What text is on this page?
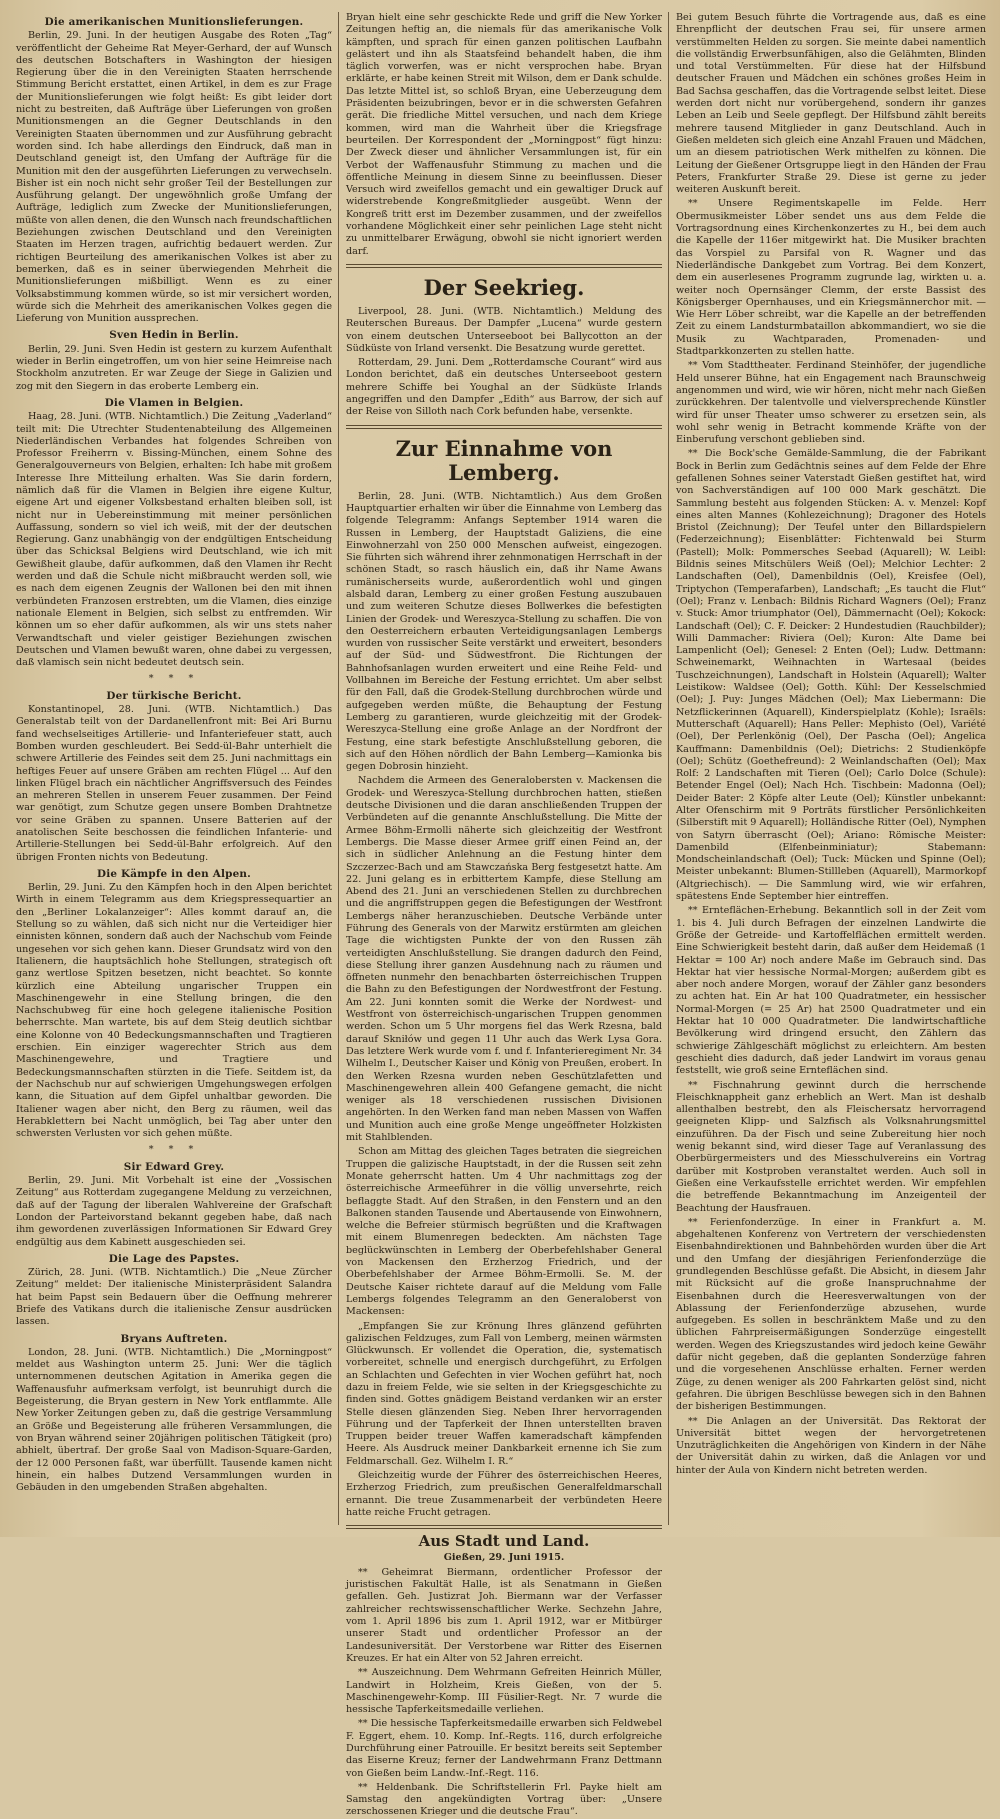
Die amerikanischen Munitionslieferungen.

Berlin, 29. Juni. In der heutigen Ausgabe des Roten „Tag“ veröffentlicht der Geheime Rat Meyer-Gerhard, der auf Wunsch des deutschen Botschafters in Washington der hiesigen Regierung über die in den Vereinigten Staaten herrschende Stimmung Bericht erstattet, einen Artikel, in dem es zur Frage der Munitionslieferungen wie folgt heißt: Es gibt leider dort nicht zu bestreiten, daß Aufträge über Lieferungen von großen Munitionsmengen an die Gegner Deutschlands in den Vereinigten Staaten übernommen und zur Ausführung gebracht worden sind. Ich habe allerdings den Eindruck, daß man in Deutschland geneigt ist, den Umfang der Aufträge für die Munition mit den der ausgeführten Lieferungen zu verwechseln. Bisher ist ein noch nicht sehr großer Teil der Bestellungen zur Ausführung gelangt. Der ungewöhnlich große Umfang der Aufträge, lediglich zum Zwecke der Munitionslieferungen, müßte von allen denen, die den Wunsch nach freundschaftlichen Beziehungen zwischen Deutschland und den Vereinigten Staaten im Herzen tragen, aufrichtig bedauert werden. Zur richtigen Beurteilung des amerikanischen Volkes ist aber zu bemerken, daß es in seiner überwiegenden Mehrheit die Munitionslieferungen mißbilligt. Wenn es zu einer Volksabstimmung kommen würde, so ist mir versichert worden, würde sich die Mehrheit des amerikanischen Volkes gegen die Lieferung von Munition aussprechen.

Sven Hedin in Berlin.

Berlin, 29. Juni. Sven Hedin ist gestern zu kurzem Aufenthalt wieder in Berlin eingetroffen, um von hier seine Heimreise nach Stockholm anzutreten. Er war Zeuge der Siege in Galizien und zog mit den Siegern in das eroberte Lemberg ein.

Die Vlamen in Belgien.

Haag, 28. Juni. (WTB. Nichtamtlich.) Die Zeitung „Vaderland“ teilt mit: Die Utrechter Studentenabteilung des Allgemeinen Niederländischen Verbandes hat folgendes Schreiben von Professor Freiherrn v. Bissing-München, einem Sohne des Generalgouverneurs von Belgien, erhalten: Ich habe mit großem Interesse Ihre Mitteilung erhalten. Was Sie darin fordern, nämlich daß für die Vlamen in Belgien ihre eigene Kultur, eigene Art und eigener Volksbestand erhalten bleiben soll, ist nicht nur in Uebereinstimmung mit meiner persönlichen Auffassung, sondern so viel ich weiß, mit der der deutschen Regierung. Ganz unabhängig von der endgültigen Entscheidung über das Schicksal Belgiens wird Deutschland, wie ich mit Gewißheit glaube, dafür aufkommen, daß den Vlamen ihr Recht werden und daß die Schule nicht mißbraucht werden soll, wie es nach dem eigenen Zeugnis der Wallonen bei den mit ihnen verbündeten Franzosen erstrebten, um die Vlamen, dies einzige nationale Element in Belgien, sich selbst zu entfremden. Wir können um so eher dafür aufkommen, als wir uns stets naher Verwandtschaft und vieler geistiger Beziehungen zwischen Deutschen und Vlamen bewußt waren, ohne dabei zu vergessen, daß vlamisch sein nicht bedeutet deutsch sein.

* * *
Der türkische Bericht.

Konstantinopel, 28. Juni. (WTB. Nichtamtlich.) Das Generalstab teilt von der Dardanellenfront mit: Bei Ari Burnu fand wechselseitiges Artillerie- und Infanteriefeuer statt, auch Bomben wurden geschleudert. Bei Sedd-ül-Bahr unterhielt die schwere Artillerie des Feindes seit dem 25. Juni nachmittags ein heftiges Feuer auf unsere Gräben am rechten Flügel ... Auf den linken Flügel brach ein nächtlicher Angriffsversuch des Feindes an mehreren Stellen in unserem Feuer zusammen. Der Feind war genötigt, zum Schutze gegen unsere Bomben Drahtnetze vor seine Gräben zu spannen. Unsere Batterien auf der anatolischen Seite beschossen die feindlichen Infanterie- und Artillerie-Stellungen bei Sedd-ül-Bahr erfolgreich. Auf den übrigen Fronten nichts von Bedeutung.

Die Kämpfe in den Alpen.

Berlin, 29. Juni. Zu den Kämpfen hoch in den Alpen berichtet Wirth in einem Telegramm aus dem Kriegspressequartier an den „Berliner Lokalanzeiger“: Alles kommt darauf an, die Stellung so zu wählen, daß sich nicht nur die Verteidiger hier einnisten können, sondern daß auch der Nachschub vom Feinde ungesehen vor sich gehen kann. Dieser Grundsatz wird von den Italienern, die hauptsächlich hohe Stellungen, strategisch oft ganz wertlose Spitzen besetzen, nicht beachtet. So konnte kürzlich eine Abteilung ungarischer Truppen ein Maschinengewehr in eine Stellung bringen, die den Nachschubweg für eine hoch gelegene italienische Position beherrschte. Man wartete, bis auf dem Steig deutlich sichtbar eine Kolonne von 40 Bedeckungsmannschaften und Tragtieren erschien. Ein einziger wagerechter Strich aus dem Maschinengewehre, und Tragtiere und Bedeckungsmannschaften stürzten in die Tiefe. Seitdem ist, da der Nachschub nur auf schwierigen Umgehungswegen erfolgen kann, die Situation auf dem Gipfel unhaltbar geworden. Die Italiener wagen aber nicht, den Berg zu räumen, weil das Herabklettern bei Nacht unmöglich, bei Tag aber unter den schwersten Verlusten vor sich gehen müßte.

* * *
Sir Edward Grey.

Berlin, 29. Juni. Mit Vorbehalt ist eine der „Vossischen Zeitung“ aus Rotterdam zugegangene Meldung zu verzeichnen, daß auf der Tagung der liberalen Wahlvereine der Grafschaft London der Parteivorstand bekannt gegeben habe, daß nach ihm gewordenen zuverlässigen Informationen Sir Edward Grey endgültig aus dem Kabinett ausgeschieden sei.

Die Lage des Papstes.

Zürich, 28. Juni. (WTB. Nichtamtlich.) Die „Neue Zürcher Zeitung“ meldet: Der italienische Ministerpräsident Salandra hat beim Papst sein Bedauern über die Oeffnung mehrerer Briefe des Vatikans durch die italienische Zensur ausdrücken lassen.

Bryans Auftreten.

London, 28. Juni. (WTB. Nichtamtlich.) Die „Morningpost“ meldet aus Washington unterm 25. Juni: Wer die täglich unternommenen deutschen Agitation in Amerika gegen die Waffenausfuhr aufmerksam verfolgt, ist beunruhigt durch die Begeisterung, die Bryan gestern in New York entflammte. Alle New Yorker Zeitungen geben zu, daß die gestrige Versammlung an Größe und Begeisterung alle früheren Versammlungen, die von Bryan während seiner 20jährigen politischen Tätigkeit (pro) abhielt, übertraf. Der große Saal von Madison-Square-Garden, der 12 000 Personen faßt, war überfüllt. Tausende kamen nicht hinein, ein halbes Dutzend Versammlungen wurden in Gebäuden in den umgebenden Straßen abgehalten.

Bryan hielt eine sehr geschickte Rede und griff die New Yorker Zeitungen heftig an, die niemals für das amerikanische Volk kämpften, und sprach für einen ganzen politischen Laufbahn gelästert und ihn als Staatsfeind behandelt haben, die ihm täglich vorwerfen, was er nicht versprochen habe. Bryan erklärte, er habe keinen Streit mit Wilson, dem er Dank schulde. Das letzte Mittel ist, so schloß Bryan, eine Ueberzeugung dem Präsidenten beizubringen, bevor er in die schwersten Gefahren gerät. Die friedliche Mittel versuchen, und nach dem Kriege kommen, wird man die Wahrheit über die Kriegsfrage beurteilen. Der Korrespondent der „Morningpost“ fügt hinzu: Der Zweck dieser und ähnlicher Versammlungen ist, für ein Verbot der Waffenausfuhr Stimmung zu machen und die öffentliche Meinung in diesem Sinne zu beeinflussen. Dieser Versuch wird zweifellos gemacht und ein gewaltiger Druck auf widerstrebende Kongreßmitglieder ausgeübt. Wenn der Kongreß tritt erst im Dezember zusammen, und der zweifellos vorhandene Möglichkeit einer sehr peinlichen Lage steht nicht zu unmittelbarer Erwägung, obwohl sie nicht ignoriert werden darf.

Der Seekrieg.

Liverpool, 28. Juni. (WTB. Nichtamtlich.) Meldung des Reuterschen Bureaus. Der Dampfer „Lucena“ wurde gestern von einem deutschen Unterseeboot bei Ballycotton an der Südküste von Irland versenkt. Die Besatzung wurde gerettet.

Rotterdam, 29. Juni. Dem „Rotterdamsche Courant“ wird aus London berichtet, daß ein deutsches Unterseeboot gestern mehrere Schiffe bei Youghal an der Südküste Irlands angegriffen und den Dampfer „Edith“ aus Barrow, der sich auf der Reise von Silloth nach Cork befunden habe, versenkte.

Zur Einnahme von Lemberg.

Berlin, 28. Juni. (WTB. Nichtamtlich.) Aus dem Großen Hauptquartier erhalten wir über die Einnahme von Lemberg das folgende Telegramm: Anfangs September 1914 waren die Russen in Lemberg, der Hauptstadt Galiziens, die eine Einwohnerzahl von 250 000 Menschen aufweist, eingezogen. Sie führten sich während ihrer zehnmonatigen Herrschaft in der schönen Stadt, so rasch häuslich ein, daß ihr Name Awans rumänischerseits wurde, außerordentlich wohl und gingen alsbald daran, Lemberg zu einer großen Festung auszubauen und zum weiteren Schutze dieses Bollwerkes die befestigten Linien der Grodek- und Wereszyca-Stellung zu schaffen. Die von den Oesterreichern erbauten Verteidigungsanlagen Lembergs wurden von russischer Seite verstärkt und erweitert, besonders auf der Süd- und Südwestfront. Die Richtungen der Bahnhofsanlagen wurden erweitert und eine Reihe Feld- und Vollbahnen im Bereiche der Festung errichtet. Um aber selbst für den Fall, daß die Grodek-Stellung durchbrochen würde und aufgegeben werden müßte, die Behauptung der Festung Lemberg zu garantieren, wurde gleichzeitig mit der Grodek-Wereszyca-Stellung eine große Anlage an der Nordfront der Festung, eine stark befestigte Anschlußstellung geboren, die sich auf den Höhen nördlich der Bahn Lemberg—Kamionka bis gegen Dobrosin hinzieht.

Nachdem die Armeen des Generalobersten v. Mackensen die Grodek- und Wereszyca-Stellung durchbrochen hatten, stießen deutsche Divisionen und die daran anschließenden Truppen der Verbündeten auf die genannte Anschlußstellung. Die Mitte der Armee Böhm-Ermolli näherte sich gleichzeitig der Westfront Lembergs. Die Masse dieser Armee griff einen Feind an, der sich in südlicher Anlehnung an die Festung hinter dem Szczerzec-Bach und am Stawczańska Berg festgesetzt hatte. Am 22. Juni gelang es in erbittertem Kampfe, diese Stellung am Abend des 21. Juni an verschiedenen Stellen zu durchbrechen und die angriffstruppen gegen die Befestigungen der Westfront Lembergs näher heranzuschieben. Deutsche Verbände unter Führung des Generals von der Marwitz erstürmten am gleichen Tage die wichtigsten Punkte der von den Russen zäh verteidigten Anschlußstellung. Sie drangen dadurch den Feind, diese Stellung ihrer ganzen Ausdehnung nach zu räumen und öffneten nunmehr den benachbarten österreichischen Truppen die Bahn zu den Befestigungen der Nordwestfront der Festung. Am 22. Juni konnten somit die Werke der Nordwest- und Westfront von österreichisch-ungarischen Truppen genommen werden. Schon um 5 Uhr morgens fiel das Werk Rzesna, bald darauf Skniłów und gegen 11 Uhr auch das Werk Lysa Gora. Das letztere Werk wurde vom f. und f. Infanterieregiment Nr. 34 Wilhelm I., Deutscher Kaiser und König von Preußen, erobert. In den Werken Rzesna wurden neben Geschützlafetten und Maschinengewehren allein 400 Gefangene gemacht, die nicht weniger als 18 verschiedenen russischen Divisionen angehörten. In den Werken fand man neben Massen von Waffen und Munition auch eine große Menge ungeöffneter Holzkisten mit Stahlblenden.

Schon am Mittag des gleichen Tages betraten die siegreichen Truppen die galizische Hauptstadt, in der die Russen seit zehn Monate geherrscht hatten. Um 4 Uhr nachmittags zog der österreichische Armeeführer in die völlig unversehrte, reich beflaggte Stadt. Auf den Straßen, in den Fenstern und an den Balkonen standen Tausende und Abertausende von Einwohnern, welche die Befreier stürmisch begrüßten und die Kraftwagen mit einem Blumenregen bedeckten. Am nächsten Tage beglückwünschten in Lemberg der Oberbefehlshaber General von Mackensen den Erzherzog Friedrich, und der Oberbefehlshaber der Armee Böhm-Ermolli. Se. M. der Deutsche Kaiser richtete darauf auf die Meldung vom Falle Lembergs folgendes Telegramm an den Generaloberst von Mackensen:

„Empfangen Sie zur Krönung Ihres glänzend geführten galizischen Feldzuges, zum Fall von Lemberg, meinen wärmsten Glückwunsch. Er vollendet die Operation, die, systematisch vorbereitet, schnelle und energisch durchgeführt, zu Erfolgen an Schlachten und Gefechten in vier Wochen geführt hat, noch dazu in freiem Felde, wie sie selten in der Kriegsgeschichte zu finden sind. Gottes gnädigem Beistand verdanken wir an erster Stelle diesen glänzenden Sieg. Neben Ihrer hervorragenden Führung und der Tapferkeit der Ihnen unterstellten braven Truppen beider treuer Waffen kameradschaft kämpfenden Heere. Als Ausdruck meiner Dankbarkeit ernenne ich Sie zum Feldmarschall. Gez. Wilhelm I. R.“

Gleichzeitig wurde der Führer des österreichischen Heeres, Erzherzog Friedrich, zum preußischen Generalfeldmarschall ernannt. Die treue Zusammenarbeit der verbündeten Heere hatte reiche Frucht getragen.

Aus Stadt und Land.
Gießen, 29. Juni 1915.

** Geheimrat Biermann, ordentlicher Professor der juristischen Fakultät Halle, ist als Senatmann in Gießen gefallen. Geh. Justizrat Joh. Biermann war der Verfasser zahlreicher rechtswissenschaftlicher Werke. Sechzehn Jahre, vom 1. April 1896 bis zum 1. April 1912, war er Mitbürger unserer Stadt und ordentlicher Professor an der Landesuniversität. Der Verstorbene war Ritter des Eisernen Kreuzes. Er hat ein Alter von 52 Jahren erreicht.

** Auszeichnung. Dem Wehrmann Gefreiten Heinrich Müller, Landwirt in Holzheim, Kreis Gießen, von der 5. Maschinengewehr-Komp. III Füsilier-Regt. Nr. 7 wurde die hessische Tapferkeitsmedaille verliehen.

** Die hessische Tapferkeitsmedaille erwarben sich Feldwebel F. Eggert, ehem. 10. Komp. Inf.-Regts. 116, durch erfolgreiche Durchführung einer Patrouille. Er besitzt bereits seit September das Eiserne Kreuz; ferner der Landwehrmann Franz Dettmann von Gießen beim Landw.-Inf.-Regt. 116.

** Heldenbank. Die Schriftstellerin Frl. Payke hielt am Samstag den angekündigten Vortrag über: „Unsere zerschossenen Krieger und die deutsche Frau“.

Bei gutem Besuch führte die Vortragende aus, daß es eine Ehrenpflicht der deutschen Frau sei, für unsere armen verstümmelten Helden zu sorgen. Sie meinte dabei namentlich die vollständig Erwerbsunfähigen, also die Gelähmten, Blinden und total Verstümmelten. Für diese hat der Hilfsbund deutscher Frauen und Mädchen ein schönes großes Heim in Bad Sachsa geschaffen, das die Vortragende selbst leitet. Diese werden dort nicht nur vorübergehend, sondern ihr ganzes Leben an Leib und Seele gepflegt. Der Hilfsbund zählt bereits mehrere tausend Mitglieder in ganz Deutschland. Auch in Gießen meldeten sich gleich eine Anzahl Frauen und Mädchen, um an diesem patriotischen Werk mithelfen zu können. Die Leitung der Gießener Ortsgruppe liegt in den Händen der Frau Peters, Frankfurter Straße 29. Diese ist gerne zu jeder weiteren Auskunft bereit.

** Unsere Regimentskapelle im Felde. Herr Obermusikmeister Löber sendet uns aus dem Felde die Vortragsordnung eines Kirchenkonzertes zu H., bei dem auch die Kapelle der 116er mitgewirkt hat. Die Musiker brachten das Vorspiel zu Parsifal von R. Wagner und das Niederländische Dankgebet zum Vortrag. Bei dem Konzert, dem ein auserlesenes Programm zugrunde lag, wirkten u. a. weiter noch Opernsänger Clemm, der erste Bassist des Königsberger Opernhauses, und ein Kriegsmännerchor mit. — Wie Herr Löber schreibt, war die Kapelle an der betreffenden Zeit zu einem Landsturmbataillon abkommandiert, wo sie die Musik zu Wachtparaden, Promenaden- und Stadtparkkonzerten zu stellen hatte.

** Vom Stadttheater. Ferdinand Steinhöfer, der jugendliche Held unserer Bühne, hat ein Engagement nach Braunschweig angenommen und wird, wie wir hören, nicht mehr nach Gießen zurückkehren. Der talentvolle und vielversprechende Künstler wird für unser Theater umso schwerer zu ersetzen sein, als wohl sehr wenig in Betracht kommende Kräfte von der Einberufung verschont geblieben sind.

** Die Bock'sche Gemälde-Sammlung, die der Fabrikant Bock in Berlin zum Gedächtnis seines auf dem Felde der Ehre gefallenen Sohnes seiner Vaterstadt Gießen gestiftet hat, wird von Sachverständigen auf 100 000 Mark geschätzt. Die Sammlung besteht aus folgenden Stücken: A. v. Menzel: Kopf eines alten Mannes (Kohlezeichnung); Dragoner des Hotels Bristol (Zeichnung); Der Teufel unter den Billardspielern (Federzeichnung); Eisenblätter: Fichtenwald bei Sturm (Pastell); Molk: Pommersches Seebad (Aquarell); W. Leibl: Bildnis seines Mitschülers Weiß (Oel); Melchior Lechter: 2 Landschaften (Oel), Damenbildnis (Oel), Kreisfee (Oel), Triptychon (Temperafarben), Landschaft; „Es taucht die Flut“ (Oel); Franz v. Lenbach: Bildnis Richard Wagners (Oel); Franz v. Stuck: Amor triumphator (Oel), Dämmernacht (Oel); Kokock: Landschaft (Oel); C. F. Deicker: 2 Hundestudien (Rauchbilder); Willi Dammacher: Riviera (Oel); Kuron: Alte Dame bei Lampenlicht (Oel); Genesel: 2 Enten (Oel); Ludw. Dettmann: Schweinemarkt, Weihnachten in Wartesaal (beides Tuschzeichnungen), Landschaft in Holstein (Aquarell); Walter Leistikow: Waldsee (Oel); Gotth. Kühl: Der Kesselschmied (Oel); J. Puy: Junges Mädchen (Oel); Max Liebermann: Die Netzflickerinnen (Aquarell), Kinderspielplatz (Kohle); Israëls: Mutterschaft (Aquarell); Hans Peller: Mephisto (Oel), Variété (Oel), Der Perlenkönig (Oel), Der Pascha (Oel); Angelica Kauffmann: Damenbildnis (Oel); Dietrichs: 2 Studienköpfe (Oel); Schütz (Goethefreund): 2 Weinlandschaften (Oel); Max Rolf: 2 Landschaften mit Tieren (Oel); Carlo Dolce (Schule): Betender Engel (Oel); Nach Hch. Tischbein: Madonna (Oel); Deider Bater: 2 Köpfe alter Leute (Oel); Künstler unbekannt: Alter Ofenschirm mit 9 Porträts fürstlicher Persönlichkeiten (Silberstift mit 9 Aquarell); Holländische Ritter (Oel), Nymphen von Satyrn überrascht (Oel); Ariano: Römische Meister: Damenbild (Elfenbeinminiatur); Stabemann: Mondscheinlandschaft (Oel); Tuck: Mücken und Spinne (Oel); Meister unbekannt: Blumen-Stillleben (Aquarell), Marmorkopf (Altgriechisch). — Die Sammlung wird, wie wir erfahren, spätestens Ende September hier eintreffen.

** Ernteflächen-Erhebung. Bekanntlich soll in der Zeit vom 1. bis 4. Juli durch Befragen der einzelnen Landwirte die Größe der Getreide- und Kartoffelflächen ermittelt werden. Eine Schwierigkeit besteht darin, daß außer dem Heidemaß (1 Hektar = 100 Ar) noch andere Maße im Gebrauch sind. Das Hektar hat vier hessische Normal-Morgen; außerdem gibt es aber noch andere Morgen, worauf der Zähler ganz besonders zu achten hat. Ein Ar hat 100 Quadratmeter, ein hessischer Normal-Morgen (= 25 Ar) hat 2500 Quadratmeter und ein Hektar hat 10 000 Quadratmeter. Die landwirtschaftliche Bevölkerung wird dringend ersucht, den Zählern das schwierige Zählgeschäft möglichst zu erleichtern. Am besten geschieht dies dadurch, daß jeder Landwirt im voraus genau feststellt, wie groß seine Ernteflächen sind.

** Fischnahrung gewinnt durch die herrschende Fleischknappheit ganz erheblich an Wert. Man ist deshalb allenthalben bestrebt, den als Fleischersatz hervorragend geeigneten Klipp- und Salzfisch als Volksnahrungsmittel einzuführen. Da der Fisch und seine Zubereitung hier noch wenig bekannt sind, wird dieser Tage auf Veranlassung des Oberbürgermeisters und des Miesschulvereins ein Vortrag darüber mit Kostproben veranstaltet werden. Auch soll in Gießen eine Verkaufsstelle errichtet werden. Wir empfehlen die betreffende Bekanntmachung im Anzeigenteil der Beachtung der Hausfrauen.

** Ferienfonderzüge. In einer in Frankfurt a. M. abgehaltenen Konferenz von Vertretern der verschiedensten Eisenbahndirektionen und Bahnbehörden wurden über die Art und den Umfang der diesjährigen Ferienfonderzüge die grundlegenden Beschlüsse gefaßt. Die Absicht, in diesem Jahr mit Rücksicht auf die große Inanspruchnahme der Eisenbahnen durch die Heeresverwaltungen von der Ablassung der Ferienfonderzüge abzusehen, wurde aufgegeben. Es sollen in beschränktem Maße und zu den üblichen Fahrpreisermäßigungen Sonderzüge eingestellt werden. Wegen des Kriegszustandes wird jedoch keine Gewähr dafür nicht gegeben, daß die geplanten Sonderzüge fahren und die vorgesehenen Anschlüsse erhalten. Ferner werden Züge, zu denen weniger als 200 Fahrkarten gelöst sind, nicht gefahren. Die übrigen Beschlüsse bewegen sich in den Bahnen der bisherigen Bestimmungen.

** Die Anlagen an der Universität. Das Rektorat der Universität bittet wegen der hervorgetretenen Unzuträglichkeiten die Angehörigen von Kindern in der Nähe der Universität dahin zu wirken, daß die Anlagen vor und hinter der Aula von Kindern nicht betreten werden.
